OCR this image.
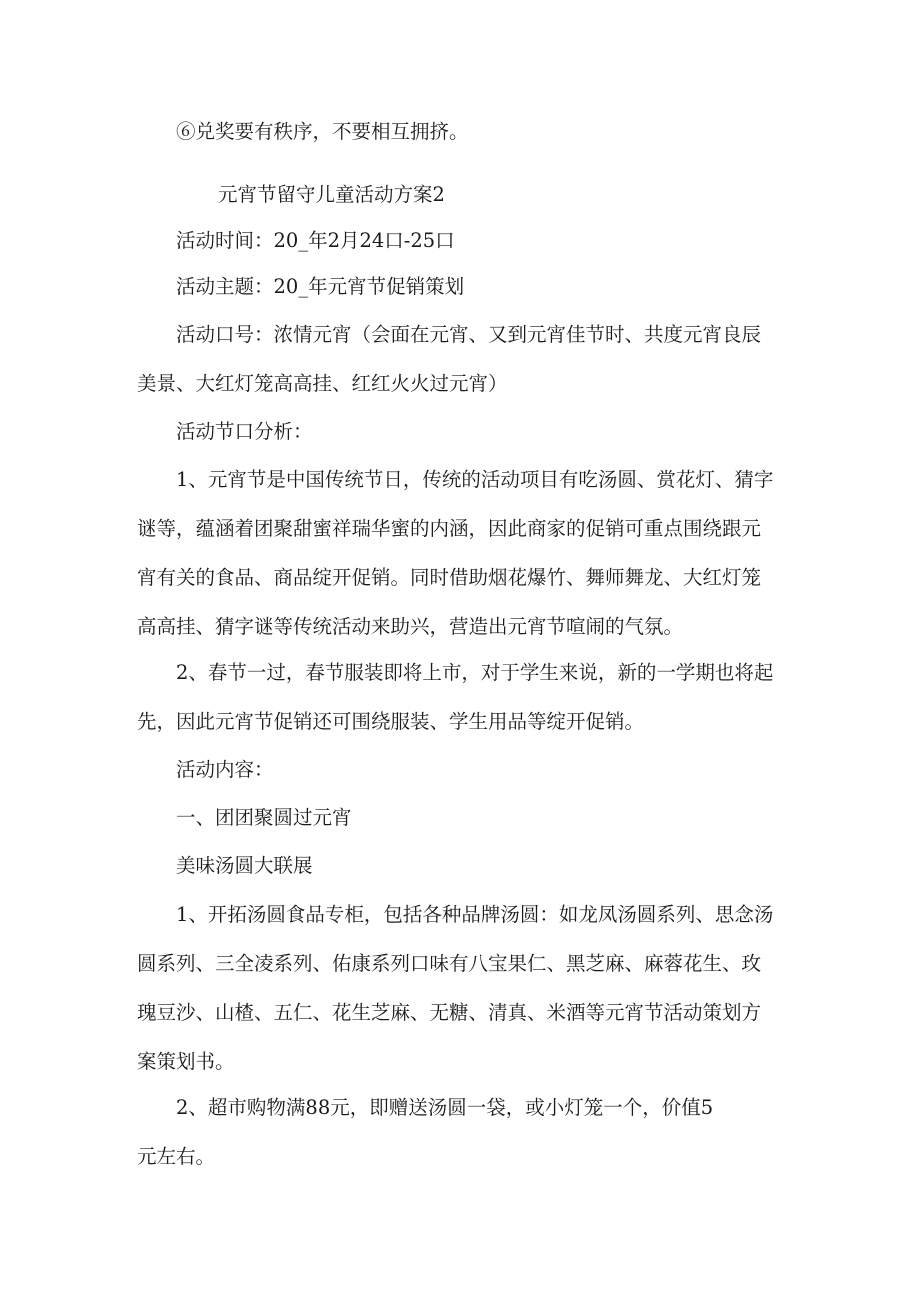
⑥兑奖要有秩序，不要相互拥挤。

元宵节留守儿童活动方案2

活动时间：20_年2月24口-25口

活动主题：20_年元宵节促销策划

活动口号：浓情元宵（会面在元宵、又到元宵佳节时、共度元宵良辰
美景、大红灯笼高高挂、红红火火过元宵）

活动节口分析：

1、元宵节是中国传统节日，传统的活动项目有吃汤圆、赏花灯、猜字
谜等，蕴涵着团聚甜蜜祥瑞华蜜的内涵，因此商家的促销可重点围绕跟元
宵有关的食品、商品绽开促销。同时借助烟花爆竹、舞师舞龙、大红灯笼
高高挂、猜字谜等传统活动来助兴，营造出元宵节喧闹的气氛。

2、春节一过，春节服装即将上市，对于学生来说，新的一学期也将起
先，因此元宵节促销还可围绕服装、学生用品等绽开促销。

活动内容：

一、团团聚圆过元宵

美味汤圆大联展

1、开拓汤圆食品专柜，包括各种品牌汤圆：如龙凤汤圆系列、思念汤
圆系列、三全凌系列、佑康系列口味有八宝果仁、黑芝麻、麻蓉花生、玫
瑰豆沙、山楂、五仁、花生芝麻、无糖、清真、米酒等元宵节活动策划方
案策划书。

2、超市购物满88元，即赠送汤圆一袋，或小灯笼一个，价值5
元左右。
